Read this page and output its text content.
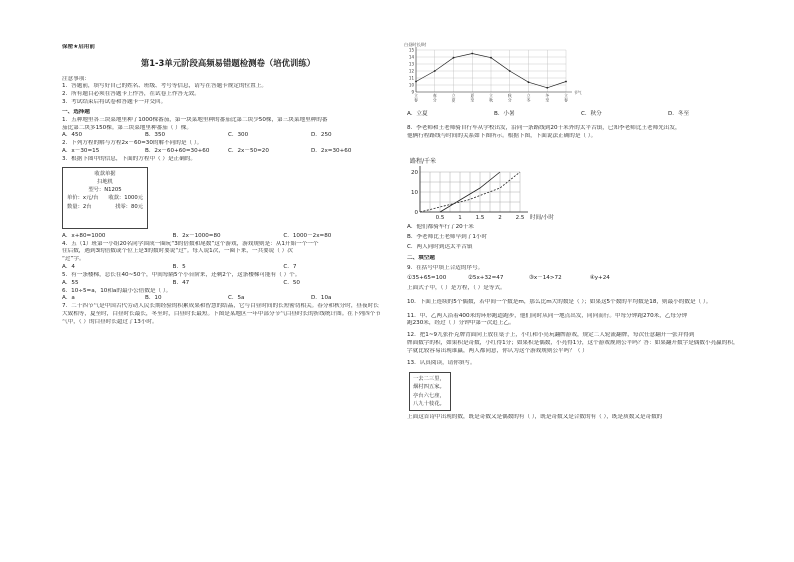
保密★启用前

第1-3单元阶段高频易错题检测卷（培优训练）

注意事项：

1．答题前，填写好自己的姓名、班级、考号等信息，请写在答题卡规定的位置上。

2．所有题目必须在答题卡上作答，在试卷上作答无效。

3．考试结束后将试卷和答题卡一并交回。

一、选择题

1．五种地里各三块菜地里种了1000棵番茄，第一块菜地里种的番茄比第二块少50棵，第三块菜地里种的番

茄比第二块多150棵。第三块菜地里种番茄（ ）棵。

A．450	B．350	C．300	D．250

2．下列方程的解与方程2x－60=30的解不同的是（ ）。

A．x－30=15	B．2x－60+60=30+60	C．2x－50=20	D．2x=30+60

3．根据下图中的信息，下面的方程中（ ）是正确的。

收款单据
扫地机
型号：N1205
单价：x元/台 收款：1000元
数量：2台	找零：80元
A．x+80=1000	B．2x－1000=80	C．1000－2x=80

4．五（1）班第一小组20名同学围成一圈玩“3的倍数和尾数”这个游戏，游戏规则是：从1开始一个一个

往后数，遇到3的倍数或个位上是3的数时要说“过”。每人说1次，一圈下来，一共要说（ ）次

“过”字。

A．4	B．5	C．7

5．有一条楼梯，总长在40~50个，中间每隔5个小台阶来，还剩2个，这条楼梯可能有（ ）个。

A．55	B．47	C．50

6．10÷5=a，10和a的最小公倍数是（ ）。

A．a	B．10	C．5a	D．10a

7．二十四节气是中国古代劳动人民长期经验的积累成果和智慧的结晶，它与白昼时间的长短密切相关。春分和秋分时，昼夜时长

大致相等，夏至时，白昼时长最长，冬至时，白昼时长最短。下图是某地区一年中部分节气白昼时长的折线统计图。在下列四个节

气中，（ ）的白昼时长超过了13小时。

白昼时长/时
15
14
13
12
11
10
9
立
春
春
分
立
夏
夏
至
立
秋
秋
分
立
冬
冬
至
立
春
节气
A．立夏	B．小暑	C．秋分	D．冬至

8．李老师和王老师骑自行车从学校出发，沿同一条路线到20千米外的太平古镇，已知李老师比王老师先出发，

他俩行程路线与时间的关系如下图所示。根据下图，下面说法正确的是（ ）。

路程/千米
20
10
0
0.5	1	1.5	2	2.5 时间/小时

A．他们都骑车行了20千米

B．李老师比王老师早到了1小时

C．两人同时到达太平古镇

二、填空题

9．在括号中填上合适的序号。

①35+65=100	②5x+32=47	③x－14>72	④y+24

上面式子中，（ ）是方程，（ ）是等式。

10．下面上连续的5个偶数，若中间一个数是m，那么比m大的数是（ ）；如果这5个数的平均数是18，则最小的数是（ ）。

11．甲、乙两人沿着400米的环形跑道跑步，他们同时从同一地点出发，同向而行。甲每分钟跑270米，乙每分钟

跑230米，经过（ ）分钟甲第一次追上乙。

12．把1~9九张扑克牌背面向上放在桌子上，小红和小亮玩翻牌游戏，规定二人轮流翻牌，每次任意翻开一张并得到

牌面数字的积，如果积是奇数，小红得1分；如果积是偶数，小亮得1分，这个游戏规则公平吗？答：如果翻开数字是偶数小亮赢的积，

字就比较容易出现谁赢，两人都同意，你认为这个游戏规则公平吗？（ ）

13．认真阅读，请你填写。

一去二三里，
烟村四五家。
亭台六七座，
八九十枝花。

上面这首诗中出现的数，既是奇数又是偶数的有（ ），既是奇数又是合数的有（ ），既是质数又是奇数的
